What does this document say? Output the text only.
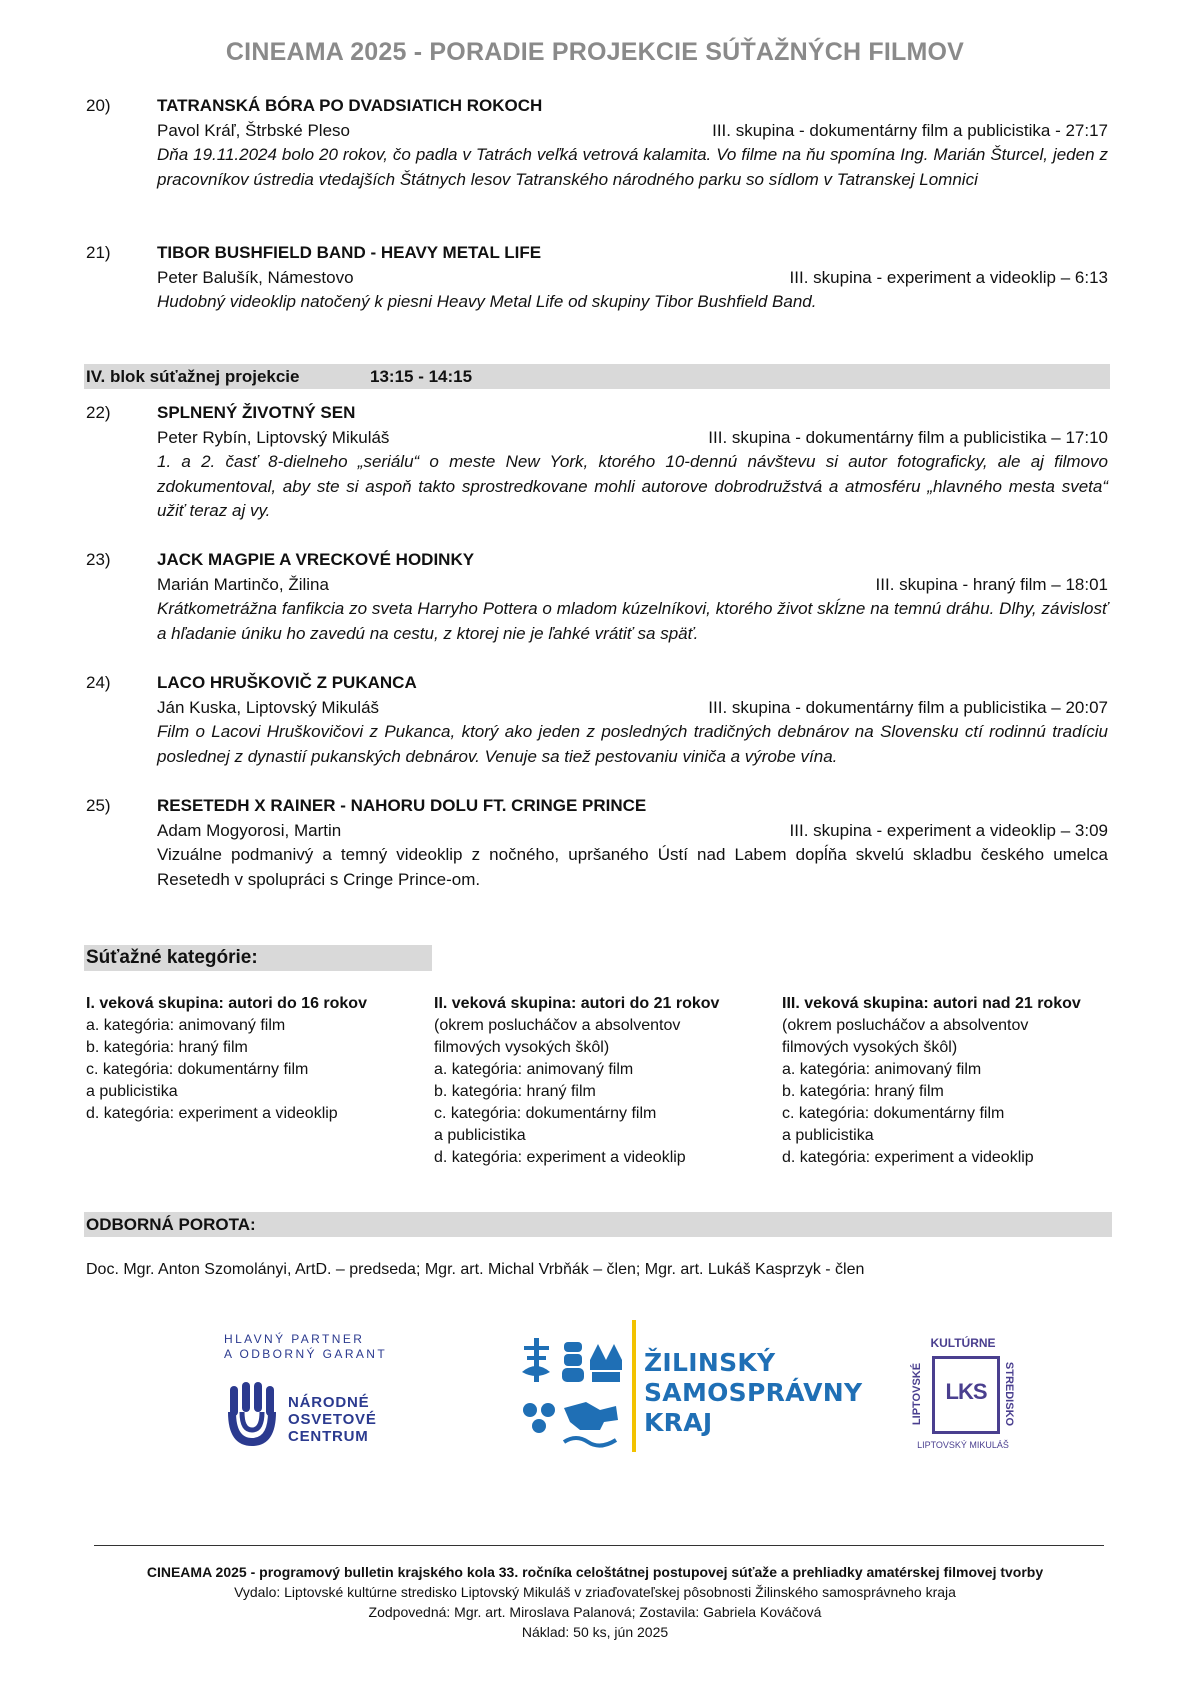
CINEAMA 2025 - PORADIE PROJEKCIE SÚŤAŽNÝCH FILMOV
20)	TATRANSKÁ BÓRA PO DVADSIATICH ROKOCH
Pavol Kráľ, Štrbské Pleso	III. skupina - dokumentárny film a publicistika - 27:17
Dňa 19.11.2024 bolo 20 rokov, čo padla v Tatrách veľká vetrová kalamita. Vo filme na ňu spomína Ing. Marián Šturcel, jeden z pracovníkov ústredia vtedajších Štátnych lesov Tatranského národného parku so sídlom v Tatranskej Lomnici
21)	TIBOR BUSHFIELD BAND - HEAVY METAL LIFE
Peter Balušík, Námestovo	III. skupina - experiment a videoklip – 6:13
Hudobný videoklip natočený k piesni Heavy Metal Life od skupiny Tibor Bushfield Band.
IV. blok súťažnej projekcie	13:15 - 14:15
22)	SPLNENÝ ŽIVOTNÝ SEN
Peter Rybín, Liptovský Mikuláš	III. skupina - dokumentárny film a publicistika – 17:10
1. a 2. časť 8-dielneho „seriálu“ o meste New York, ktorého 10-dennú návštevu si autor fotograficky, ale aj filmovo zdokumentoval, aby ste si aspoň takto sprostredkovane mohli autorove dobrodružstvá a atmosféru „hlavného mesta sveta“ užiť teraz aj vy.
23)	JACK MAGPIE A VRECKOVÉ HODINKY
Marián Martinčo, Žilina	III. skupina - hraný film – 18:01
Krátkometrážna fanfikcia zo sveta Harryho Pottera o mladom kúzelníkovi, ktorého život skĺzne na temnú dráhu. Dlhy, závislosť a hľadanie úniku ho zavedú na cestu, z ktorej nie je ľahké vrátiť sa späť.
24)	LACO HRUŠKOVIČ Z PUKANCA
Ján Kuska, Liptovský Mikuláš	III. skupina - dokumentárny film a publicistika – 20:07
Film o Lacovi Hruškovičovi z Pukanca, ktorý ako jeden z posledných tradičných debnárov na Slovensku ctí rodinnú tradíciu poslednej z dynastií pukanských debnárov. Venuje sa tiež pestovaniu viniča a výrobe vína.
25)	RESETEDH X RAINER - NAHORU DOLU FT. CRINGE PRINCE
Adam Mogyorosi, Martin	III. skupina - experiment a videoklip – 3:09
Vizuálne podmanivý a temný videoklip z nočného, upršaného Ústí nad Labem dopĺňa skvelú skladbu českého umelca Resetedh v spolupráci s Cringe Prince-om.
Súťažné kategórie:
I. veková skupina: autori do 16 rokov
a. kategória: animovaný film
b. kategória: hraný film
c. kategória: dokumentárny film
a publicistika
d. kategória: experiment a videoklip
II. veková skupina: autori do 21 rokov
(okrem poslucháčov a absolventov
filmových vysokých škôl)
a. kategória: animovaný film
b. kategória: hraný film
c. kategória: dokumentárny film
a publicistika
d. kategória: experiment a videoklip
III. veková skupina: autori nad 21 rokov
(okrem poslucháčov a absolventov
filmových vysokých škôl)
a. kategória: animovaný film
b. kategória: hraný film
c. kategória: dokumentárny film
a publicistika
d. kategória: experiment a videoklip
ODBORNÁ POROTA:
Doc. Mgr. Anton Szomolányi, ArtD. – predseda; Mgr. art. Michal Vrbňák – člen; Mgr. art. Lukáš Kasprzyk - člen
HLAVNÝ PARTNER
A ODBORNÝ GARANT
NÁRODNÉ
OSVETOVÉ
CENTRUM
ŽILINSKÝ
SAMOSPRÁVNY
KRAJ
KULTÚRNE
LIPTOVSKÉ	STREDISKO
LKS
LIPTOVSKÝ MIKULÁŠ
CINEAMA 2025 - programový bulletin krajského kola 33. ročníka celoštátnej postupovej súťaže a prehliadky amatérskej filmovej tvorby
Vydalo: Liptovské kultúrne stredisko Liptovský Mikuláš v zriaďovateľskej pôsobnosti Žilinského samosprávneho kraja
Zodpovedná: Mgr. art. Miroslava Palanová; Zostavila: Gabriela Kováčová
Náklad: 50 ks, jún 2025
